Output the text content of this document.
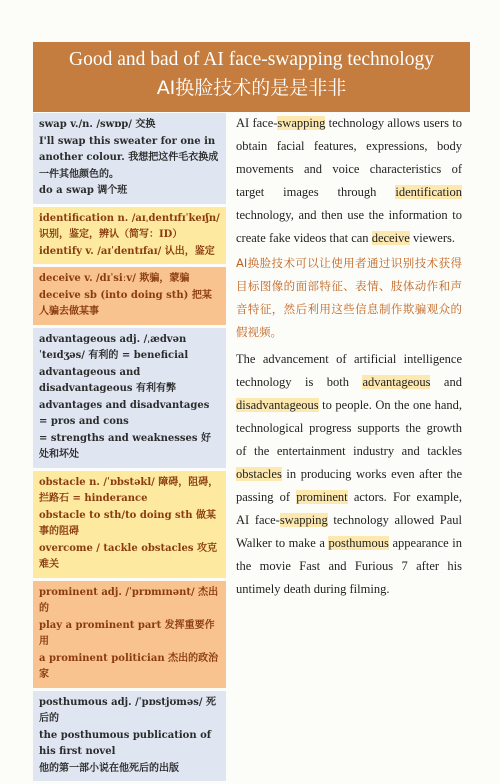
Good and bad of AI face-swapping technology
AI换脸技术的是是非非

swap v./n. /swɒp/ 交换

I'll swap this sweater for one in another colour. 我想把这件毛衣换成一件其他颜色的。

do a swap 调个班

identification n. /aɪˌdentɪfɪˈkeɪʃn/ 识别，鉴定，辨认（简写：ID）

identify v. /aɪˈdentɪfaɪ/ 认出，鉴定

deceive v. /dɪˈsiːv/ 欺骗，蒙骗

deceive sb (into doing sth) 把某人骗去做某事

advantageous adj. /ˌædvənˈteɪdʒəs/ 有利的 = beneficial

advantageous and disadvantageous 有利有弊

advantages and disadvantages

= pros and cons

= strengths and weaknesses 好处和坏处

obstacle n. /ˈɒbstəkl/ 障碍，阻碍，拦路石 = hinderance

obstacle to sth/to doing sth 做某事的阻碍

overcome / tackle obstacles 攻克难关

prominent adj. /ˈprɒmɪnənt/ 杰出的

play a prominent part 发挥重要作用

a prominent politician 杰出的政治家

posthumous adj. /ˈpɒstjʊməs/ 死后的

the posthumous publication of his first novel

他的第一部小说在他死后的出版

AI face-swapping technology allows users to obtain facial features, expressions, body movements and voice characteristics of target images through identification technology, and then use the information to create fake videos that can deceive viewers.

AI换脸技术可以让使用者通过识别技术获得目标图像的面部特征、表情、肢体动作和声音特征，然后利用这些信息制作欺骗观众的假视频。

The advancement of artificial intelligence technology is both advantageous and disadvantageous to people. On the one hand, technological progress supports the growth of the entertainment industry and tackles obstacles in producing works even after the passing of prominent actors. For example, AI face-swapping technology allowed Paul Walker to make a posthumous appearance in the movie Fast and Furious 7 after his untimely death during filming.
